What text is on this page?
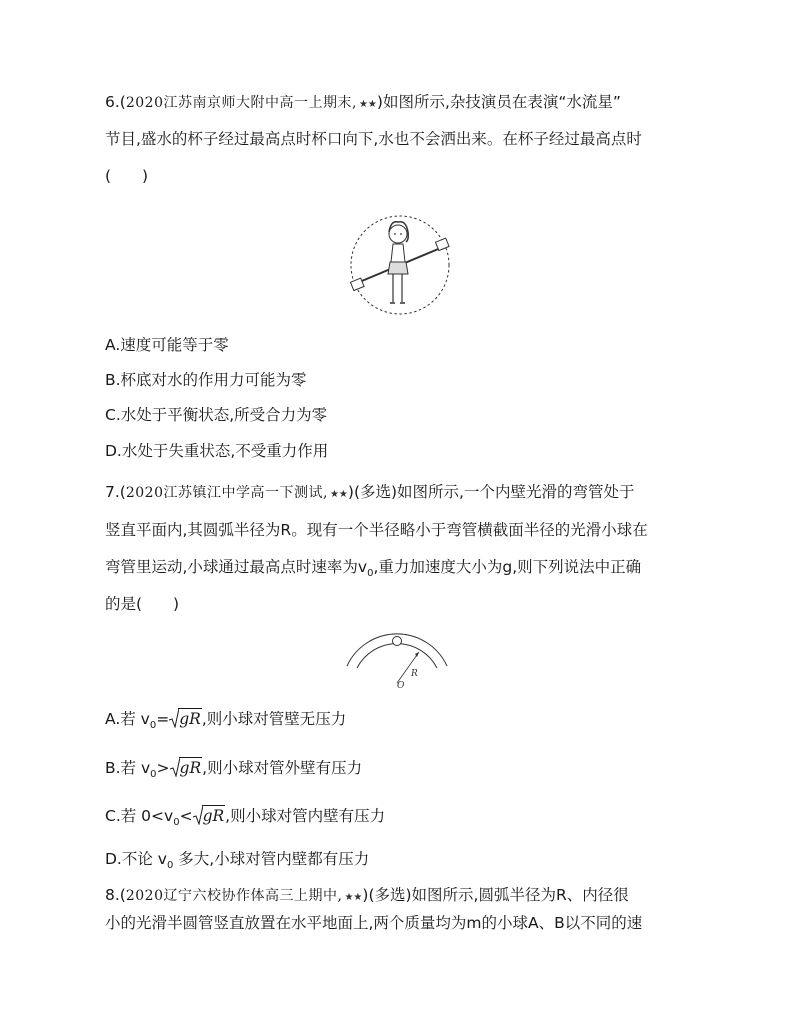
6.(2020江苏南京师大附中高一上期末, ★★)如图所示,杂技演员在表演“水流星”
节目,盛水的杯子经过最高点时杯口向下,水也不会洒出来。在杯子经过最高点时
(　　)
A.速度可能等于零
B.杯底对水的作用力可能为零
C.水处于平衡状态,所受合力为零
D.水处于失重状态,不受重力作用
7.(2020江苏镇江中学高一下测试, ★★)(多选)如图所示,一个内壁光滑的弯管处于
竖直平面内,其圆弧半径为R。现有一个半径略小于弯管横截面半径的光滑小球在
弯管里运动,小球通过最高点时速率为$v_0$,重力加速度大小为g,则下列说法中正确
的是(　　)
R
O
A.若 $v_0=$ gR,则小球对管壁无压力
B.若 $v_0>$ gR,则小球对管外壁有压力
C.若 $0<v_0<$ gR,则小球对管内壁有压力
D.不论 $v_0$ 多大,小球对管内壁都有压力
8.(2020辽宁六校协作体高三上期中, ★★)(多选)如图所示,圆弧半径为R、内径很
小的光滑半圆管竖直放置在水平地面上,两个质量均为m的小球A、B以不同的速
